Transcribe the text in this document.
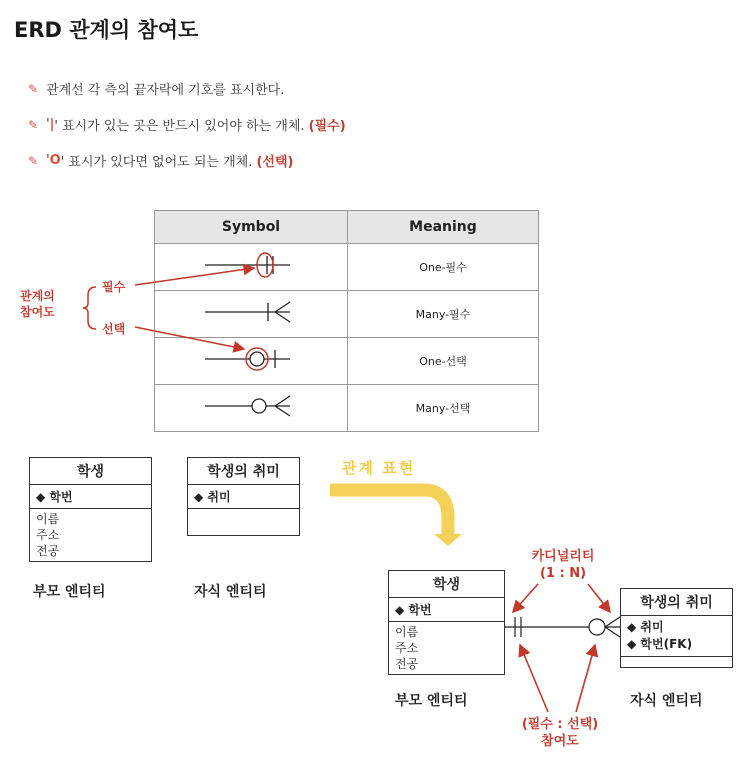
ERD 관계의 참여도
✎ 관계선 각 측의 끝자락에 기호를 표시한다.
✎ ' | ' 표시가 있는 곳은 반드시 있어야 하는 개체.
(필수)
✎ ' O ' 표시가 있다면 없어도 되는 개체.
(선택)
Symbol	Meaning
	One-필수
	Many-필수
	One-선택
	Many-선택
관계의
참여도
필수
선택
학생
◆ 학번
이름
주소
전공
부모 엔티티
학생의 취미
◆ 취미
자식 엔티티
관계 표현
카디널리티
(1 : N)
학생
◆ 학번
이름
주소
전공
부모 엔티티
학생의 취미
◆ 취미
◆ 학번(FK)
자식 엔티티
(필수 : 선택)
참여도
